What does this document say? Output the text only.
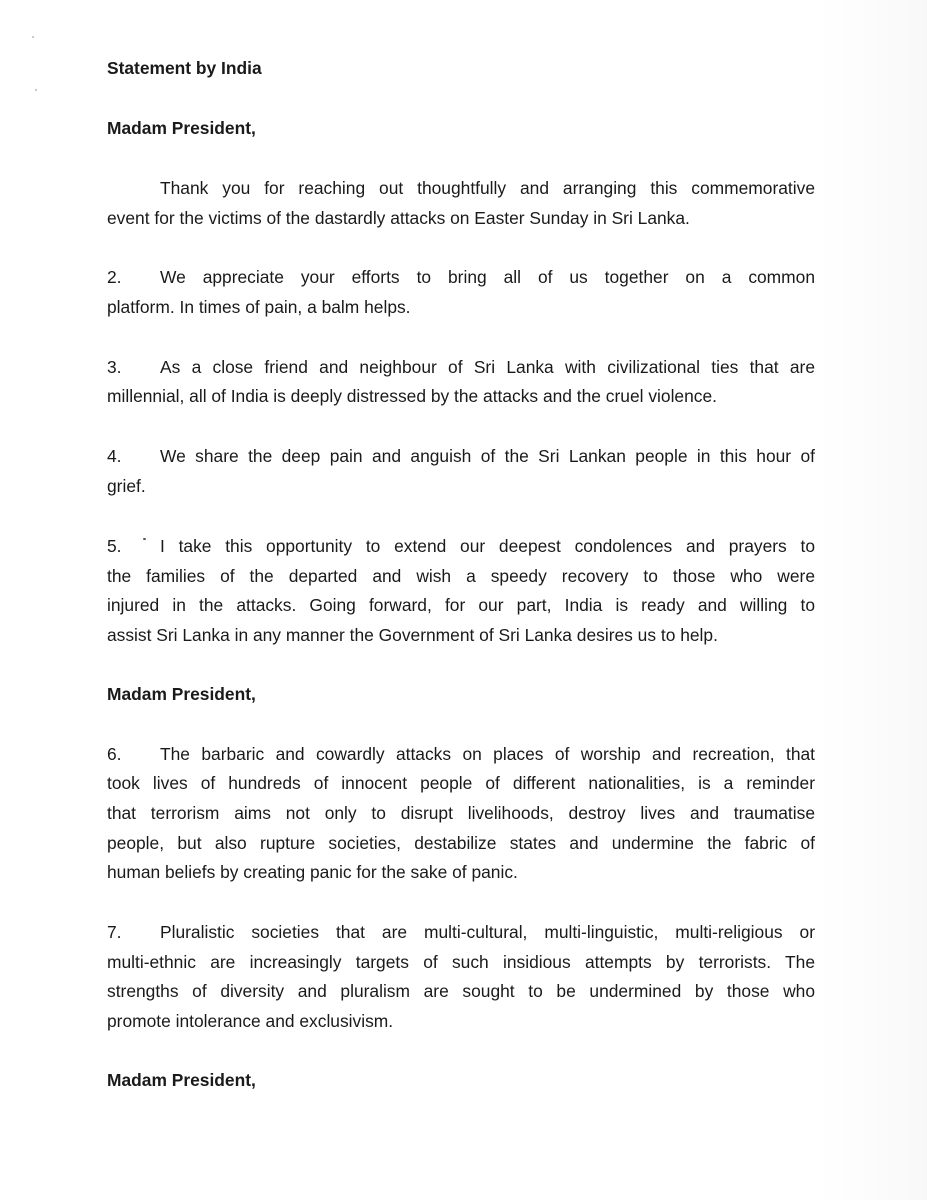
Statement by India
Madam President,
Thank you for reaching out thoughtfully and arranging this commemorative
event for the victims of the dastardly attacks on Easter Sunday in Sri Lanka.
2. We appreciate your efforts to bring all of us together on a common
platform. In times of pain, a balm helps.
3. As a close friend and neighbour of Sri Lanka with civilizational ties that are
millennial, all of India is deeply distressed by the attacks and the cruel violence.
4. We share the deep pain and anguish of the Sri Lankan people in this hour of
grief.
5. I take this opportunity to extend our deepest condolences and prayers to
the families of the departed and wish a speedy recovery to those who were
injured in the attacks. Going forward, for our part, India is ready and willing to
assist Sri Lanka in any manner the Government of Sri Lanka desires us to help.
Madam President,
6. The barbaric and cowardly attacks on places of worship and recreation, that
took lives of hundreds of innocent people of different nationalities, is a reminder
that terrorism aims not only to disrupt livelihoods, destroy lives and traumatise
people, but also rupture societies, destabilize states and undermine the fabric of
human beliefs by creating panic for the sake of panic.
7. Pluralistic societies that are multi-cultural, multi-linguistic, multi-religious or
multi-ethnic are increasingly targets of such insidious attempts by terrorists. The
strengths of diversity and pluralism are sought to be undermined by those who
promote intolerance and exclusivism.
Madam President,
